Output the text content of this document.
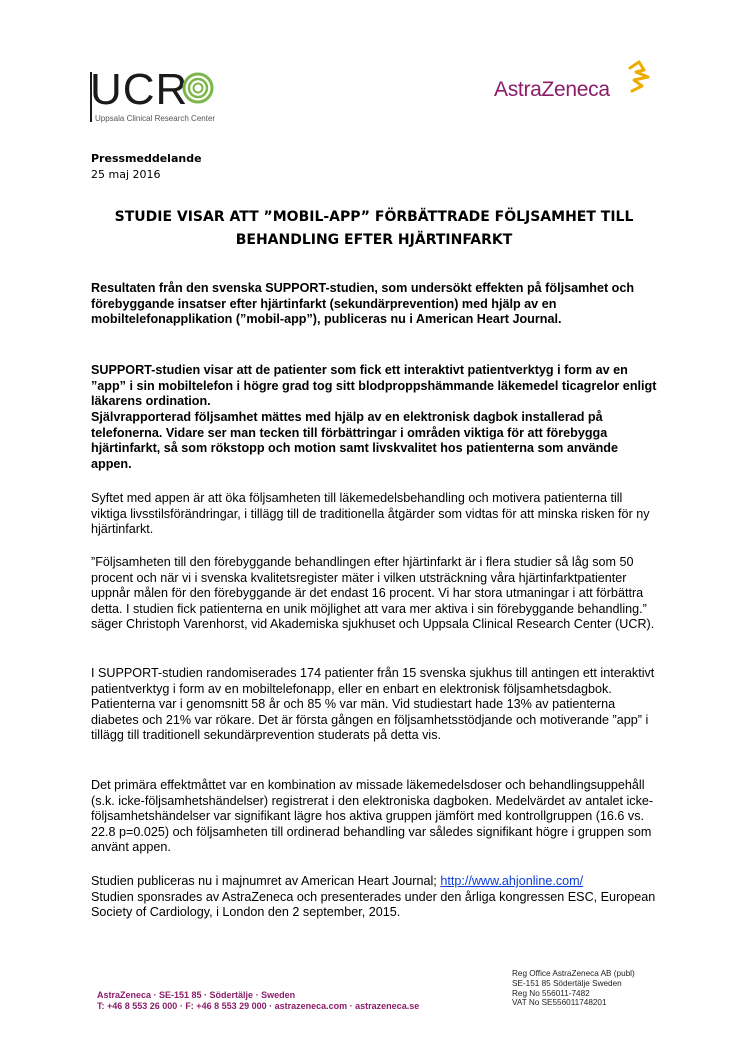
UCR
Uppsala Clinical Research Center
AstraZeneca
Pressmeddelande
25 maj 2016
STUDIE VISAR ATT ”MOBIL-APP” FÖRBÄTTRADE FÖLJSAMHET TILL
BEHANDLING EFTER HJÄRTINFARKT
Resultaten från den svenska SUPPORT-studien, som undersökt effekten på följsamhet och förebyggande insatser efter hjärtinfarkt (sekundärprevention) med hjälp av en mobiltelefonapplikation (”mobil-app”), publiceras nu i American Heart Journal.
SUPPORT-studien visar att de patienter som fick ett interaktivt patientverktyg i form av en ”app” i sin mobiltelefon i högre grad tog sitt blodproppshämmande läkemedel ticagrelor enligt läkarens ordination.
Självrapporterad följsamhet mättes med hjälp av en elektronisk dagbok installerad på telefonerna. Vidare ser man tecken till förbättringar i områden viktiga för att förebygga hjärtinfarkt, så som rökstopp och motion samt livskvalitet hos patienterna som använde appen.
Syftet med appen är att öka följsamheten till läkemedelsbehandling och motivera patienterna till viktiga livsstilsförändringar, i tillägg till de traditionella åtgärder som vidtas för att minska risken för ny hjärtinfarkt.
”Följsamheten till den förebyggande behandlingen efter hjärtinfarkt är i flera studier så låg som 50 procent och när vi i svenska kvalitetsregister mäter i vilken utsträckning våra hjärtinfarktpatienter uppnår målen för den förebyggande är det endast 16 procent. Vi har stora utmaningar i att förbättra detta. I studien fick patienterna en unik möjlighet att vara mer aktiva i sin förebyggande behandling.” säger Christoph Varenhorst, vid Akademiska sjukhuset och Uppsala Clinical Research Center (UCR).
I SUPPORT-studien randomiserades 174 patienter från 15 svenska sjukhus till antingen ett interaktivt patientverktyg i form av en mobiltelefonapp, eller en enbart en elektronisk följsamhetsdagbok. Patienterna var i genomsnitt 58 år och 85 % var män. Vid studiestart hade 13% av patienterna diabetes och 21% var rökare. Det är första gången en följsamhetsstödjande och motiverande ”app” i tillägg till traditionell sekundärprevention studerats på detta vis.
Det primära effektmåttet var en kombination av missade läkemedelsdoser och behandlingsuppehåll (s.k. icke-följsamhetshändelser) registrerat i den elektroniska dagboken. Medelvärdet av antalet icke-följsamhetshändelser var signifikant lägre hos aktiva gruppen jämfört med kontrollgruppen (16.6 vs. 22.8 p=0.025) och följsamheten till ordinerad behandling var således signifikant högre i gruppen som använt appen.
Studien publiceras nu i majnumret av American Heart Journal; http://www.ahjonline.com/
Studien sponsrades av AstraZeneca och presenterades under den årliga kongressen ESC, European Society of Cardiology, i London den 2 september, 2015.
AstraZeneca · SE-151 85 · Södertälje · Sweden
T: +46 8 553 26 000 · F: +46 8 553 29 000 · astrazeneca.com · astrazeneca.se
Reg Office AstraZeneca AB (publ)
SE-151 85 Södertälje Sweden
Reg No 556011-7482
VAT No SE556011748201
